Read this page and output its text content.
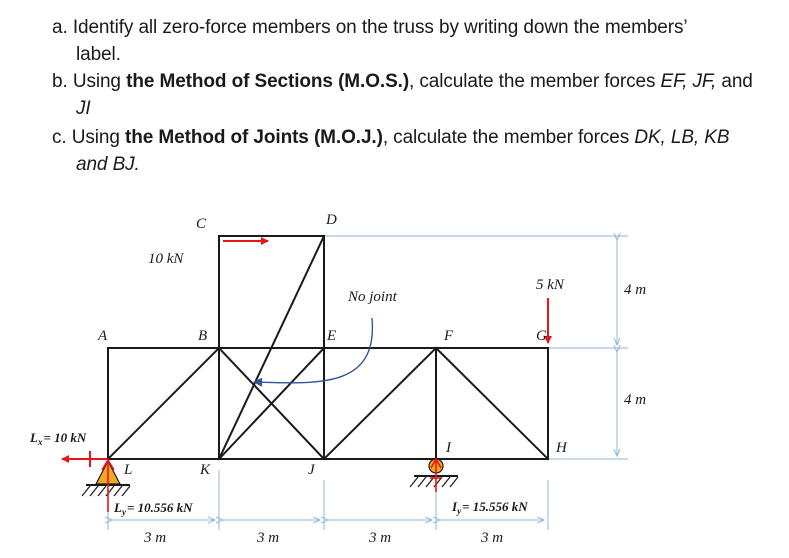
a. Identify all zero-force members on the truss by writing down the members’
label.
b. Using the Method of Sections (M.O.S.), calculate the member forces EF, JF, and
JI
c. Using the Method of Joints (M.O.J.), calculate the member forces DK, LB, KB
and BJ.
C	D
A	B	E	F	G
I	H
L	K	J
10 kN
5 kN
No joint
$L_x= 10$ kN
$L_y= 10.556$ kN	$I_y= 15.556$ kN
3 m	3 m	3 m	3 m
4 m
4 m
